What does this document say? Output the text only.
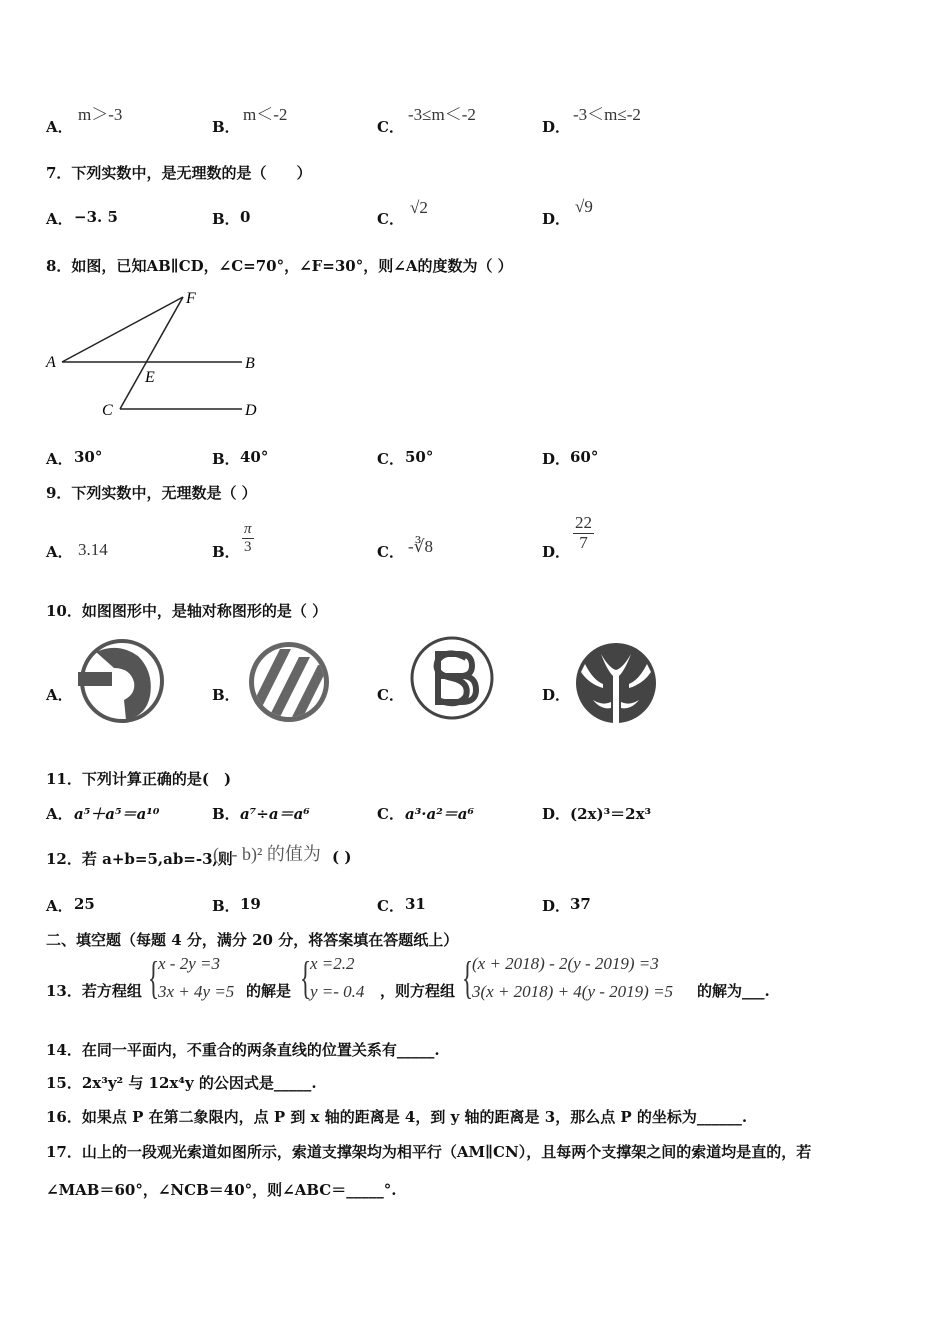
A．
m＞-3
B．
m＜-2
C．
-3≤m＜-2
D．
-3＜m≤-2
7．下列实数中，是无理数的是（　　）
A． −3. 5	B． 0	C．
√2
D．
√9
8．如图，已知AB∥CD，∠C=70°，∠F=30°，则∠A的度数为（ ）
A	B
C	D
E
F
A． 30°	B． 40°	C． 50°	D． 60°
9．下列实数中，无理数是（ ）
A． 3.14	B． $\frac{\pi}{3}$	C． -∛8	D． $\frac{22}{7}$
10．如图图形中，是轴对称图形的是（ ）
A．	B．	C．	D．
11．下列计算正确的是(　)
A． a⁵＋a⁵＝a¹⁰	B． a⁷÷a＝a⁶	C． a³·a²＝a⁶	D． (2x)³＝2x³
12．若 a+b=5,ab=-3,则
(a - b)² 的值为 ( )
A． 25	B． 19	C． 31	D． 37
二、填空题（每题 4 分，满分 20 分，将答案填在答题纸上）
13．若方程组 {
x - 2y =3
3x + 4y =5 的解是 {
x =2.2
y =- 0.4 ，则方程组 {
(x + 2018) - 2(y - 2019) =3
3(x + 2018) + 4(y - 2019) =5 的解为___.
14．在同一平面内，不重合的两条直线的位置关系有_____.
15．2x³y² 与 12x⁴y 的公因式是_____.
16．如果点 P 在第二象限内，点 P 到 x 轴的距离是 4，到 y 轴的距离是 3，那么点 P 的坐标为______.
17．山上的一段观光索道如图所示，索道支撑架均为相平行（AM∥CN），且每两个支撑架之间的索道均是直的，若
∠MAB＝60°，∠NCB＝40°，则∠ABC＝_____°.
